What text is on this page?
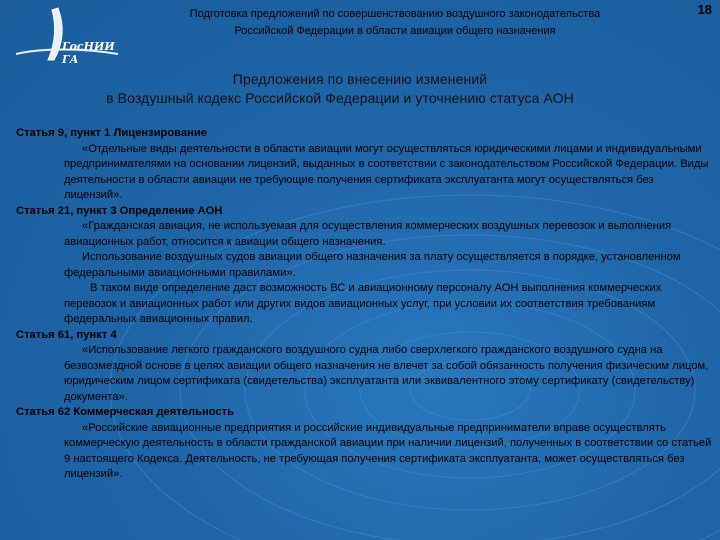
ГосНИИ ГА
Подготовка предложений по совершенствованию воздушного законодательства
Российской Федерации в области авиации общего назначения
18
Предложения по внесению изменений
в Воздушный кодекс Российской Федерации и уточнению статуса АОН
Статья 9, пункт 1 Лицензирование
«Отдельные виды деятельности в области авиации могут осуществляться юридическими лицами и индивидуальными предпринимателями на основании лицензий, выданных в соответствии с законодательством Российской Федерации. Виды деятельности в области авиации не требующие получения сертификата эксплуатанта могут осуществляться без лицензий».
Статья 21, пункт 3 Определение АОН
«Гражданская авиация, не используемая для осуществления коммерческих воздушных перевозок и выполнения авиационных работ, относится к авиации общего назначения.
Использование воздушных судов авиации общего назначения за плату осуществляется в порядке, установленном федеральными авиационными правилами».
В таком виде определение даст возможность ВС и авиационному персоналу АОН выполнения коммерческих перевозок и авиационных работ или других видов авиационных услуг, при условии их соответствия требованиям федеральных авиационных правил.
Статья 61, пункт 4
«Использование легкого гражданского воздушного судна либо сверхлегкого гражданского воздушного судна на безвозмездной основе в целях авиации общего назначения не влечет за собой обязанность получения физическим лицом, юридическим лицом сертификата (свидетельства) эксплуатанта или эквивалентного этому сертификату (свидетельству) документа».
Статья 62 Коммерческая деятельность
«Российские авиационные предприятия и российские индивидуальные предприниматели вправе осуществлять коммерческую деятельность в области гражданской авиации при наличии лицензий, полученных в соответствии со статьей 9 настоящего Кодекса. Деятельность, не требующая получения сертификата эксплуатанта, может осуществляться без лицензий».
